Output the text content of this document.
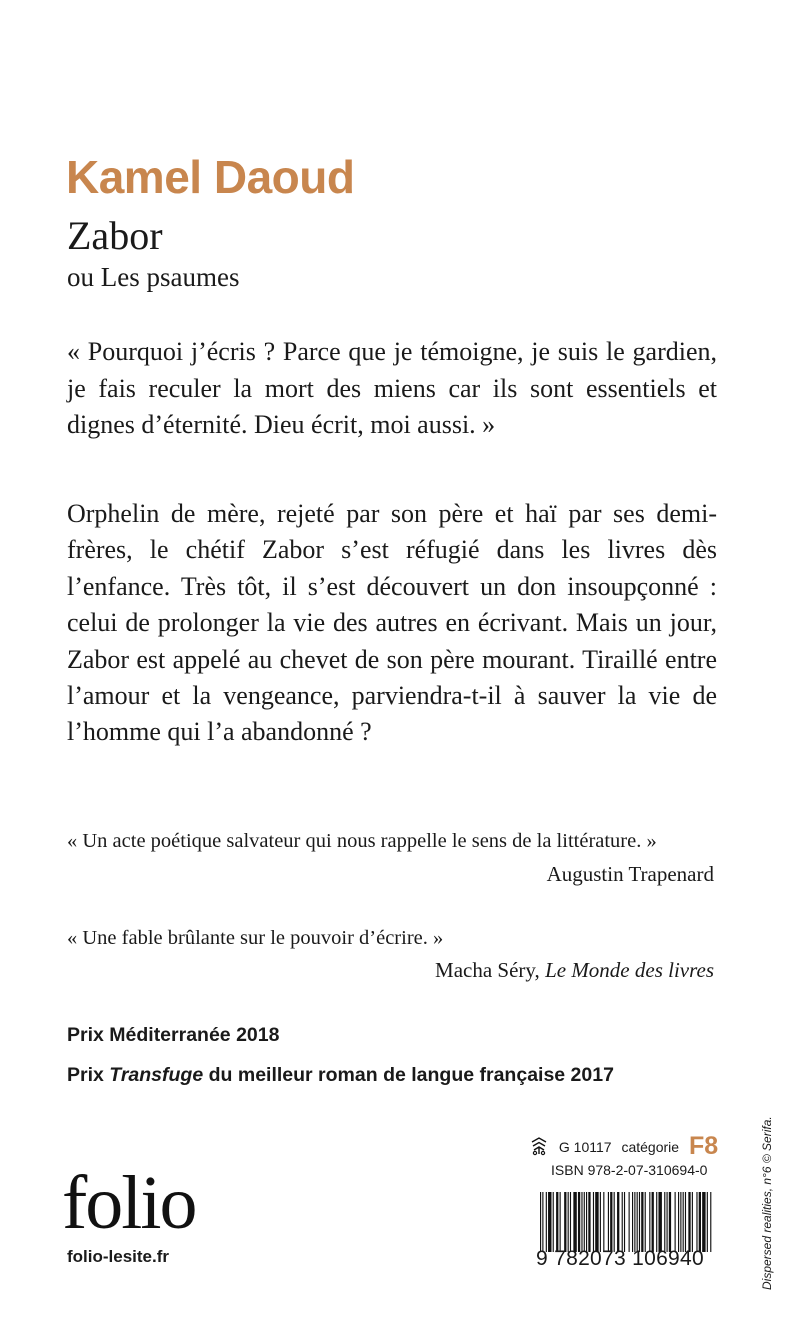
Kamel Daoud
Zabor
ou Les psaumes

« Pourquoi j’écris ? Parce que je témoigne, je suis le gardien, je fais reculer la mort des miens car ils sont essentiels et dignes d’éternité. Dieu écrit, moi aussi. »

Orphelin de mère, rejeté par son père et haï par ses demi-frères, le chétif Zabor s’est réfugié dans les livres dès l’enfance. Très tôt, il s’est découvert un don insoupçonné : celui de prolonger la vie des autres en écrivant. Mais un jour, Zabor est appelé au chevet de son père mourant. Tiraillé entre l’amour et la vengeance, parviendra-t-il à sauver la vie de l’homme qui l’a abandonné ?

« Un acte poétique salvateur qui nous rappelle le sens de la littérature. »
Augustin Trapenard
« Une fable brûlante sur le pouvoir d’écrire. »
Macha Séry, Le Monde des livres
Prix Méditerranée 2018
Prix Transfuge du meilleur roman de langue française 2017
G 10117 catégorie F8
ISBN 978-2-07-310694-0
9 782073 106940
folio
folio-lesite.fr	Dispersed realities, n°6 © Serifa.
